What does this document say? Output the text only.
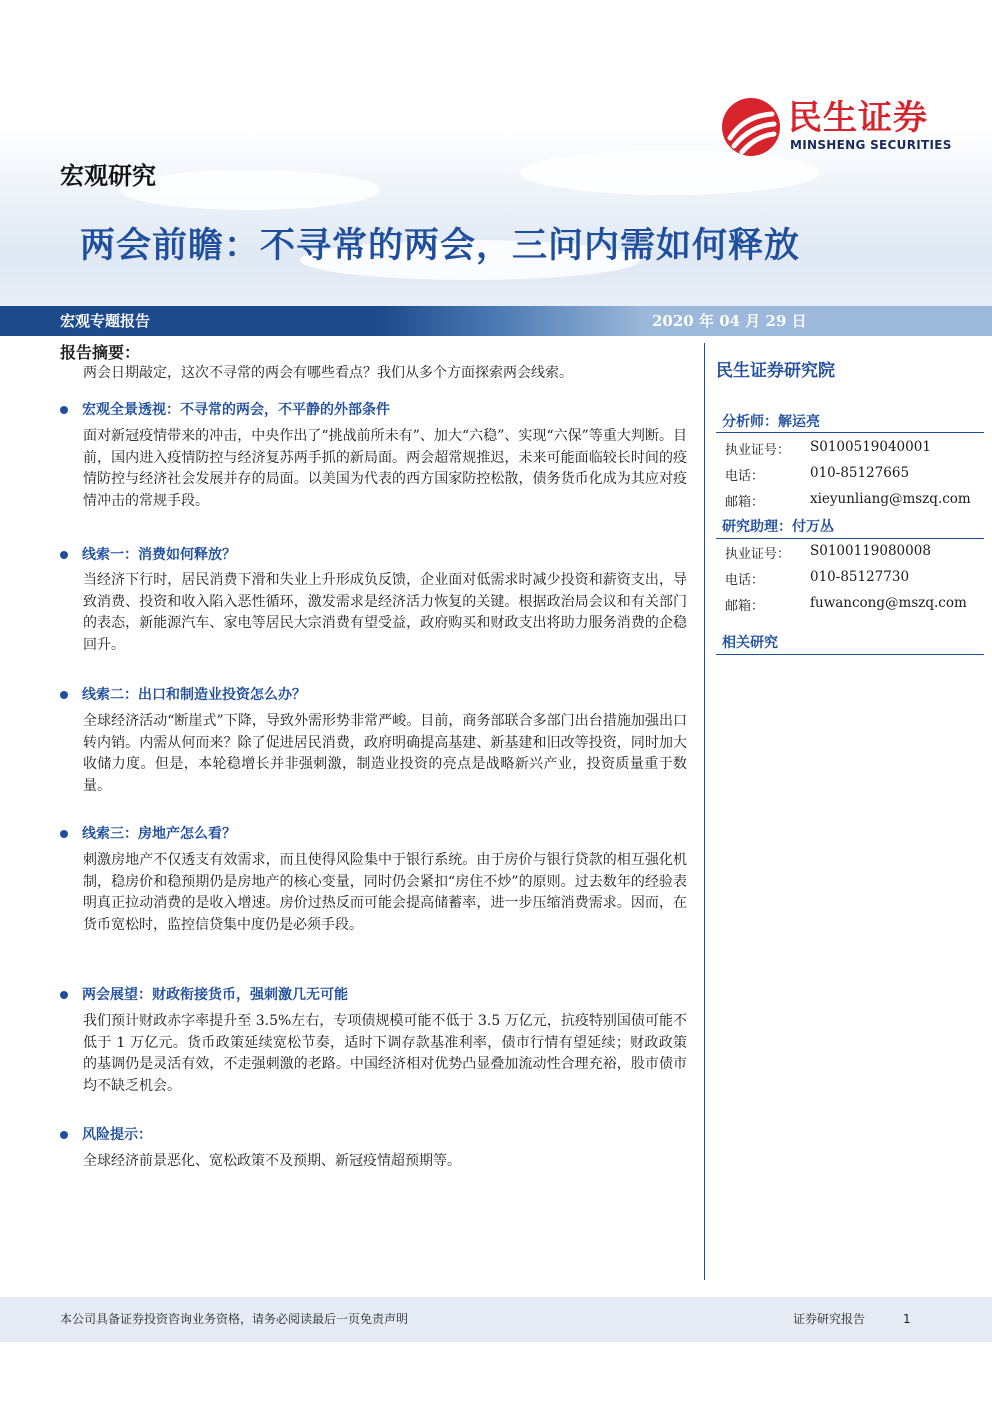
民生证券
MINSHENG SECURITIES
宏观研究
两会前瞻：不寻常的两会，三问内需如何释放
宏观专题报告	2020 年 04 月 29 日
报告摘要：
两会日期敲定，这次不寻常的两会有哪些看点？我们从多个方面探索两会线索。
宏观全景透视：不寻常的两会，不平静的外部条件
面对新冠疫情带来的冲击，中央作出了“挑战前所未有”、加大“六稳”、实现“六保”等重大判断。目前，国内进入疫情防控与经济复苏两手抓的新局面。两会超常规推迟，未来可能面临较长时间的疫情防控与经济社会发展并存的局面。以美国为代表的西方国家防控松散，债务货币化成为其应对疫情冲击的常规手段。
线索一：消费如何释放？
当经济下行时，居民消费下滑和失业上升形成负反馈，企业面对低需求时减少投资和薪资支出，导致消费、投资和收入陷入恶性循环，激发需求是经济活力恢复的关键。根据政治局会议和有关部门的表态，新能源汽车、家电等居民大宗消费有望受益，政府购买和财政支出将助力服务消费的企稳回升。
线索二：出口和制造业投资怎么办？
全球经济活动“断崖式”下降，导致外需形势非常严峻。目前，商务部联合多部门出台措施加强出口转内销。内需从何而来？除了促进居民消费，政府明确提高基建、新基建和旧改等投资，同时加大收储力度。但是，本轮稳增长并非强刺激，制造业投资的亮点是战略新兴产业，投资质量重于数量。
线索三：房地产怎么看？
刺激房地产不仅透支有效需求，而且使得风险集中于银行系统。由于房价与银行贷款的相互强化机制，稳房价和稳预期仍是房地产的核心变量，同时仍会紧扣“房住不炒”的原则。过去数年的经验表明真正拉动消费的是收入增速。房价过热反而可能会提高储蓄率，进一步压缩消费需求。因而，在货币宽松时，监控信贷集中度仍是必须手段。
两会展望：财政衔接货币，强刺激几无可能
我们预计财政赤字率提升至 3.5%左右，专项债规模可能不低于 3.5 万亿元，抗疫特别国债可能不低于 1 万亿元。货币政策延续宽松节奏，适时下调存款基准利率，债市行情有望延续；财政政策的基调仍是灵活有效，不走强刺激的老路。中国经济相对优势凸显叠加流动性合理充裕，股市债市均不缺乏机会。
风险提示：
全球经济前景恶化、宽松政策不及预期、新冠疫情超预期等。
民生证券研究院
分析师：解运亮
执业证号： S0100519040001
电话：	010-85127665
邮箱：	xieyunliang@mszq.com
研究助理：付万丛
执业证号： S0100119080008
电话：	010-85127730
邮箱：	fuwancong@mszq.com
相关研究
本公司具备证券投资咨询业务资格，请务必阅读最后一页免责声明	证券研究报告	1
